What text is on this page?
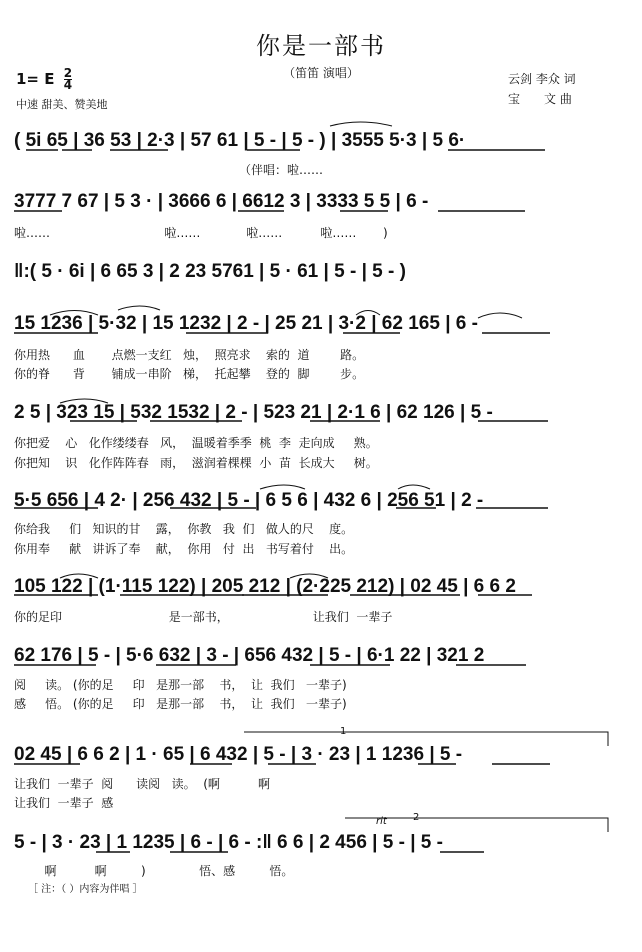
你是一部书
（笛笛 演唱）
1= E $\frac{2}{4}$
中速 甜美、赞美地
云剑 李众 词
宝　　文 曲
( 5i 65 | 36 53 | 2·3 | 57 61 | 5 - | 5 - ) | 3555 5·3 | 5 6·
（伴唱：啦……
3777 7 67 | 5 3 · | 3666 6 | 6612 3 | 3333 5 5 | 6 -
啦……                              啦……            啦……          啦……       )
‖:( 5 · 6i | 6 65 3 | 2 23 5761 | 5 · 61 | 5 - | 5 - )
15 1236 | 5·32 | 15 1232 | 2 - | 25 21 | 3·2 | 62 165 | 6 -
你用热      血       点燃一支红   烛，  照亮求    索的  道        路。
你的脊      背       铺成一串阶   梯，  托起攀    登的  脚        步。
2 5 | 323 15 | 532 1532 | 2 - | 523 21 | 2·1 6 | 62 126 | 5 -
你把爱    心   化作缕缕春   风，  温暖着季季  桃  李  走向成     熟。
你把知    识   化作阵阵春   雨，  滋润着棵棵  小  苗  长成大     树。
5·5 656 | 4 2· | 256 432 | 5 - | 6 5 6 | 432 6 | 256 51 | 2 -
你给我     们   知识的甘    露，  你教   我  们   做人的尺    度。
你用奉     献   讲诉了奉    献，  你用   付  出   书写着付    出。
105 122 | (1·115 122) | 205 212 | (2·225 212) | 02 45 | 6 6 2
你的足印                            是一部书，                      让我们  一辈子
62 176 | 5 - | 5·6 632 | 3 - | 656 432 | 5 - | 6·1 22 | 321 2
阅     读。 (你的足     印   是那一部    书，  让  我们   一辈子)
感     悟。 (你的足     印   是那一部    书，  让  我们   一辈子)
02 45 | 6 6 2 | 1 · 65 | 6 432 | 5 - | 3 · 23 | 1 1236 | 5 -
让我们  一辈子  阅      读阅   读。  (啊          啊
让我们  一辈子  感
5 - | 3 · 23 | 1 1235 | 6 - | 6 - :‖ 6 6 | 2 456 | 5 - | 5 -
啊          啊         )              悟、感         悟。
1
2
rit
［ 注：（ ）内容为伴唱 ］
